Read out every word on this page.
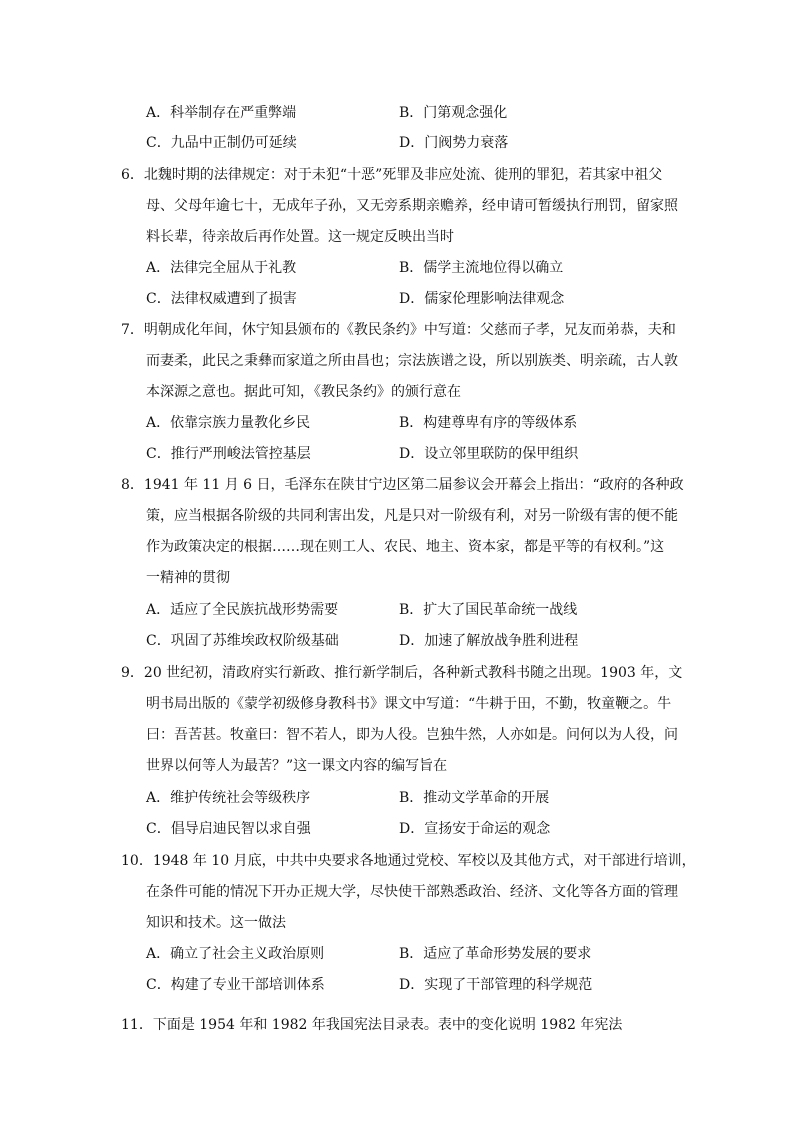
A．科举制存在严重弊端	B．门第观念强化
C．九品中正制仍可延续	D．门阀势力衰落
6．北魏时期的法律规定：对于未犯“十恶”死罪及非应处流、徙刑的罪犯，若其家中祖父
母、父母年逾七十，无成年子孙，又无旁系期亲赡养，经申请可暂缓执行刑罚，留家照
料长辈，待亲故后再作处置。这一规定反映出当时
A．法律完全屈从于礼教	B．儒学主流地位得以确立
C．法律权威遭到了损害	D．儒家伦理影响法律观念
7．明朝成化年间，休宁知县颁布的《教民条约》中写道：父慈而子孝，兄友而弟恭，夫和
而妻柔，此民之秉彝而家道之所由昌也；宗法族谱之设，所以别族类、明亲疏，古人敦
本深源之意也。据此可知，《教民条约》的颁行意在
A．依靠宗族力量教化乡民	B．构建尊卑有序的等级体系
C．推行严刑峻法管控基层	D．设立邻里联防的保甲组织
8．1941 年 11 月 6 日，毛泽东在陕甘宁边区第二届参议会开幕会上指出：“政府的各种政
策，应当根据各阶级的共同利害出发，凡是只对一阶级有利，对另一阶级有害的便不能
作为政策决定的根据……现在则工人、农民、地主、资本家，都是平等的有权利。”这
一精神的贯彻
A．适应了全民族抗战形势需要	B．扩大了国民革命统一战线
C．巩固了苏维埃政权阶级基础	D．加速了解放战争胜利进程
9．20 世纪初，清政府实行新政、推行新学制后，各种新式教科书随之出现。1903 年，文
明书局出版的《蒙学初级修身教科书》课文中写道：“牛耕于田，不勤，牧童鞭之。牛
曰：吾苦甚。牧童曰：智不若人，即为人役。岂独牛然，人亦如是。问何以为人役，问
世界以何等人为最苦？”这一课文内容的编写旨在
A．维护传统社会等级秩序	B．推动文学革命的开展
C．倡导启迪民智以求自强	D．宣扬安于命运的观念
10．1948 年 10 月底，中共中央要求各地通过党校、军校以及其他方式，对干部进行培训，
在条件可能的情况下开办正规大学，尽快使干部熟悉政治、经济、文化等各方面的管理
知识和技术。这一做法
A．确立了社会主义政治原则	B．适应了革命形势发展的要求
C．构建了专业干部培训体系	D．实现了干部管理的科学规范
11．下面是 1954 年和 1982 年我国宪法目录表。表中的变化说明 1982 年宪法
